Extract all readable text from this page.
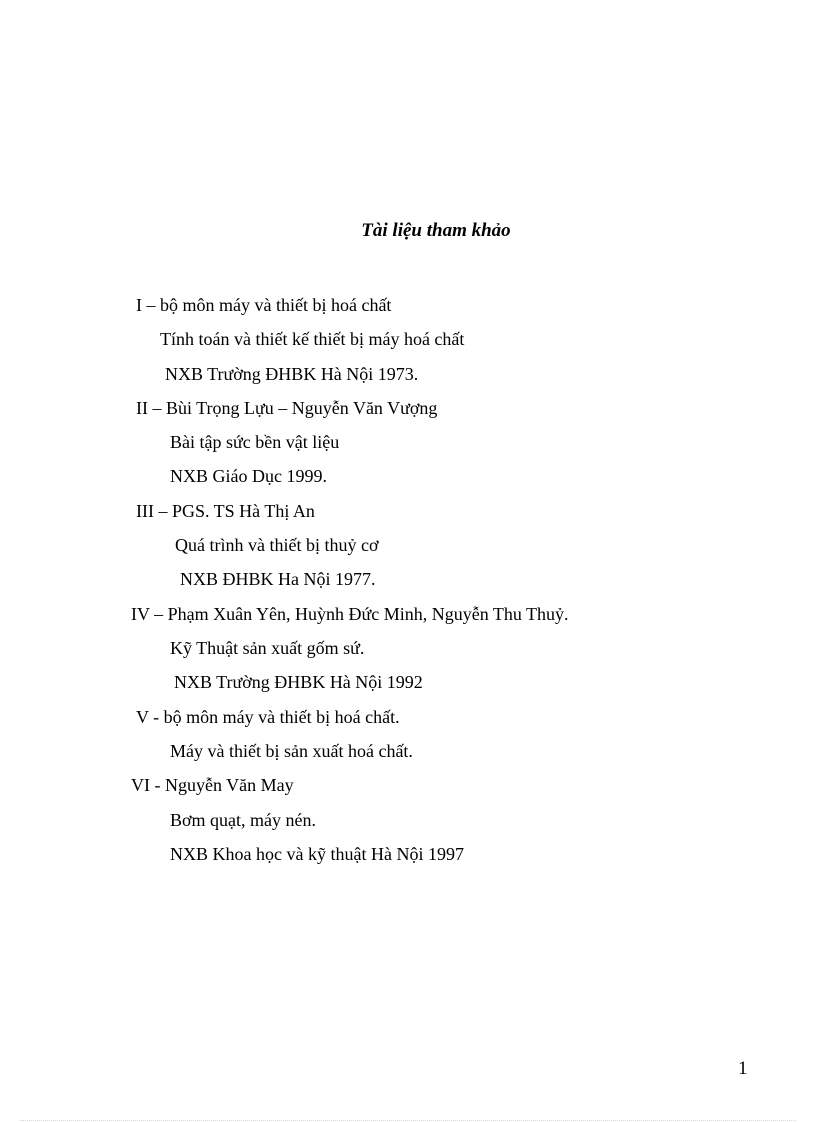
Tài liệu tham khảo
I – bộ môn máy và thiết bị hoá chất
Tính toán và thiết kế thiết bị máy hoá chất
NXB Trường ĐHBK Hà Nội 1973.
II – Bùi Trọng Lựu – Nguyễn Văn Vượng
Bài tập sức bền vật liệu
NXB Giáo Dục 1999.
III – PGS. TS Hà Thị An
Quá trình và thiết bị thuỷ cơ
NXB ĐHBK Ha Nội 1977.
IV – Phạm Xuân Yên, Huỳnh Đức Minh, Nguyễn Thu Thuỷ.
Kỹ Thuật sản xuất gốm sứ.
NXB Trường ĐHBK Hà Nội 1992
V - bộ môn máy và thiết bị hoá chất.
Máy và thiết bị sản xuất hoá chất.
VI - Nguyễn Văn May
Bơm quạt, máy nén.
NXB Khoa học và kỹ thuật Hà Nội 1997
1
